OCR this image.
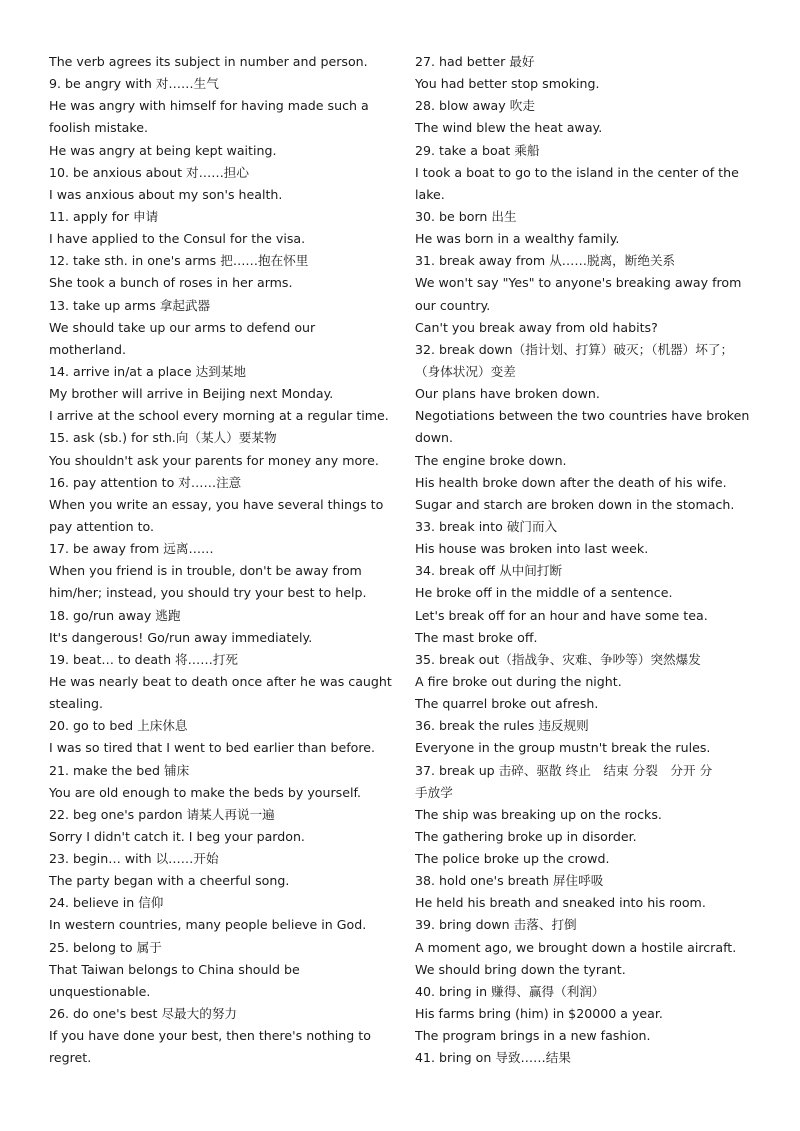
The verb agrees its subject in number and person.
9. be angry with 对……生气
He was angry with himself for having made such a
foolish mistake.
He was angry at being kept waiting.
10. be anxious about 对……担心
I was anxious about my son's health.
11. apply for 申请
I have applied to the Consul for the visa.
12. take sth. in one's arms 把……抱在怀里
She took a bunch of roses in her arms.
13. take up arms 拿起武器
We should take up our arms to defend our
motherland.
14. arrive in/at a place 达到某地
My brother will arrive in Beijing next Monday.
I arrive at the school every morning at a regular time.
15. ask (sb.) for sth.向（某人）要某物
You shouldn't ask your parents for money any more.
16. pay attention to 对……注意
When you write an essay, you have several things to
pay attention to.
17. be away from 远离……
When you friend is in trouble, don't be away from
him/her; instead, you should try your best to help.
18. go/run away 逃跑
It's dangerous! Go/run away immediately.
19. beat… to death 将……打死
He was nearly beat to death once after he was caught
stealing.
20. go to bed 上床休息
I was so tired that I went to bed earlier than before.
21. make the bed 铺床
You are old enough to make the beds by yourself.
22. beg one's pardon 请某人再说一遍
Sorry I didn't catch it. I beg your pardon.
23. begin… with 以……开始
The party began with a cheerful song.
24. believe in 信仰
In western countries, many people believe in God.
25. belong to 属于
That Taiwan belongs to China should be
unquestionable.
26. do one's best 尽最大的努力
If you have done your best, then there's nothing to
regret.
27. had better 最好
You had better stop smoking.
28. blow away 吹走
The wind blew the heat away.
29. take a boat 乘船
I took a boat to go to the island in the center of the
lake.
30. be born 出生
He was born in a wealthy family.
31. break away from 从……脱离，断绝关系
We won't say "Yes" to anyone's breaking away from
our country.
Can't you break away from old habits?
32. break down（指计划、打算）破灭；（机器）坏了；
（身体状况）变差
Our plans have broken down.
Negotiations between the two countries have broken
down.
The engine broke down.
His health broke down after the death of his wife.
Sugar and starch are broken down in the stomach.
33. break into 破门而入
His house was broken into last week.
34. break off 从中间打断
He broke off in the middle of a sentence.
Let's break off for an hour and have some tea.
The mast broke off.
35. break out（指战争、灾难、争吵等）突然爆发
A fire broke out during the night.
The quarrel broke out afresh.
36. break the rules 违反规则
Everyone in the group mustn't break the rules.
37. break up 击碎、驱散 终止　结束 分裂　分开 分
手放学
The ship was breaking up on the rocks.
The gathering broke up in disorder.
The police broke up the crowd.
38. hold one's breath 屏住呼吸
He held his breath and sneaked into his room.
39. bring down 击落、打倒
A moment ago, we brought down a hostile aircraft.
We should bring down the tyrant.
40. bring in 赚得、赢得（利润）
His farms bring (him) in $20000 a year.
The program brings in a new fashion.
41. bring on 导致……结果
